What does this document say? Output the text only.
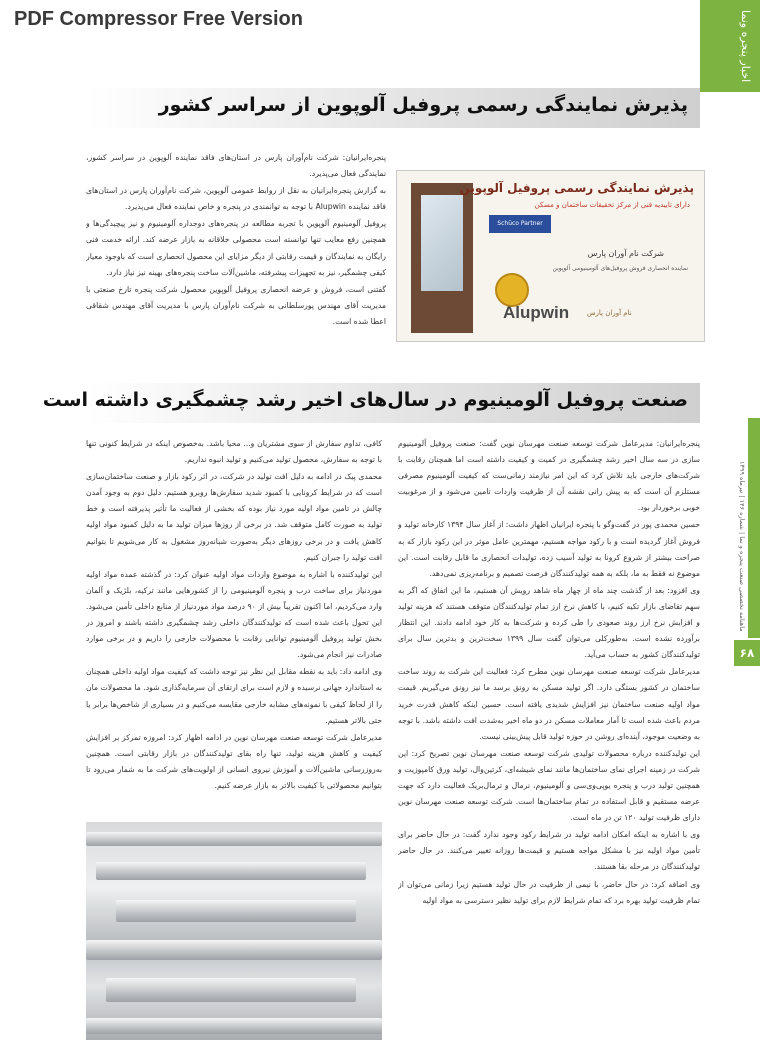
PDF Compressor Free Version	اخبار پنجره ونما
پذیرش نمایندگی رسمی پروفیل آلوپوین از سراسر کشور

پنجره‌ایرانیان: شرکت نام‌آوران پارس در استان‌های فاقد نماینده آلوپوین در سراسر کشور، نمایندگی فعال می‌پذیرد.

به گزارش پنجره‌ایرانیان به نقل از روابط عمومی آلوپوین، شرکت نام‌آوران پارس در استان‌های فاقد نماینده Alupwin با توجه به توانمندی در پنجره و خاص نماینده فعال می‌پذیرد.

پروفیل آلومینیوم آلوپوین با تجربه مطالعه در پنجره‌های دوجداره آلومینیوم و نیز پیچیدگی‌ها و همچنین رفع معایب تنها توانسته است محصولی خلاقانه به بازار عرضه کند. ارائه خدمت فنی رایگان به نمایندگان و قیمت رقابتی از دیگر مزایای این محصول انحصاری است که باوجود معیار کیفی چشمگیر، نیز به تجهیزات پیشرفته، ماشین‌آلات ساخت پنجره‌های بهینه نیز نیاز دارد.

گفتنی است، فروش و عرضه انحصاری پروفیل آلوپوین محصول شرکت پنجره تارخ صنعتی با مدیریت آقای مهندس پورسلطانی به شرکت نام‌آوران پارس با مدیریت آقای مهندس شقاقی اعطا شده است.

پذیرش نمایندگی رسمی پروفیل آلوپوین
دارای تاییدیه فنی از مرکز تحقیقات ساختمان و مسکن
Schüco Partner
شرکت نام آوران پارس
نماینده انحصاری فروش پروفیل‌های آلومینیومی آلوپوین
Alupwin	نام آوران پارس
صنعت پروفیل آلومینیوم در سال‌های اخیر رشد چشمگیری داشته است

پنجره‌ایرانیان: مدیرعامل شرکت توسعه صنعت مهرسان نوین گفت: صنعت پروفیل آلومینیوم‌ سازی در سه سال اخیر رشد چشمگیری در کمیت و کیفیت داشته است اما همچنان رقابت با شرکت‌های خارجی باید تلاش کرد که این امر نیازمند زمانی‌ست که کیفیت آلومینیوم مصرفی مستلزم آن است که به پیش‌ رانی نقشه آن از ظرفیت واردات تامین می‌شود و از مرغوبیت خوبی برخوردار بود.

حسین محمدی‌ پور در گفت‌وگو با پنجره ایرانیان اظهار داشت: از آغاز سال ۱۳۹۴ کارخانه تولید و فروش آغاز گردیده است و با رکود مواجه هستیم، مهمترین عامل موثر در این رکود بازار که به‌ صراحت بیشتر از شروع کرونا به تولید آسیب زده، تولیدات انحصاری ما قابل رقابت است. این موضوع نه‌ فقط به ما، بلکه به همه تولیدکنندگان فرصت تصمیم و برنامه‌ریزی نمی‌دهد.

وی افزود: بعد از گذشت چند ماه از چهار ماه شاهد رویش آن هستیم، ما این اتفاق که اگر به سهم تقاضای بازار تکیه کنیم، با کاهش نرخ ارز تمام تولیدکنندگان متوقف هستند که هزینه تولید و افزایش نرخ ارز روند صعودی را طی کرده و شرکت‌ها به کار خود ادامه دادند. این انتظار برآورده نشده است. به‌طورکلی می‌توان گفت سال ۱۳۹۹ سخت‌ترین و بدترین سال برای تولیدکنندگان کشور به حساب می‌آید.

مدیرعامل شرکت توسعه صنعت مهرسان نوین مطرح کرد: فعالیت این شرکت به روند ساخت ساختمان در کشور بستگی دارد. اگر تولید مسکن به رونق برسد ما نیز رونق می‌گیریم. قیمت مواد اولیه صنعت ساختمان نیز افزایش شدیدی یافته است. حسین اینکه کاهش قدرت خرید مردم باعث شده است تا آمار معاملات مسکن در دو ماه اخیر به‌شدت افت داشته باشد. با توجه به وضعیت موجود، آینده‌ای روشن در حوزه تولید قابل پیش‌بینی نیست.

این تولیدکننده درباره محصولات تولیدی شرکت توسعه صنعت مهرسان نوین تصریح کرد: این شرکت در زمینه اجرای نمای ساختمان‌ها مانند نمای شیشه‌ای، کرتین‌وال، تولید ورق کامپوزیت و همچنین تولید درب و پنجره یوپی‌وی‌سی و آلومینیوم، نرمال و ترمال‌بریک فعالیت دارد که جهت عرضه مستقیم و قابل استفاده در تمام ساختمان‌ها است. شرکت توسعه صنعت مهرسان نوین دارای ظرفیت تولید ۱۲۰ تن در ماه است.

وی با اشاره به اینکه امکان ادامه تولید در شرایط رکود وجود ندارد گفت: در حال حاضر برای تأمین مواد اولیه نیز با مشکل مواجه هستیم و قیمت‌ها روزانه تغییر می‌کنند. در حال حاضر تولیدکنندگان در مرحله بقا هستند.

وی اضافه کرد: در حال حاضر، با نیمی از ظرفیت در حال تولید هستیم زیرا زمانی می‌توان از تمام ظرفیت تولید بهره برد که تمام شرایط لازم برای تولید نظیر دسترسی به مواد اولیه

کافی، تداوم سفارش از سوی مشتریان و... محیا باشد. به‌خصوص اینکه در شرایط کنونی تنها با توجه به سفارش، محصول تولید می‌کنیم و تولید انبوه نداریم.

محمدی‌ پیک در ادامه به دلیل افت تولید در شرکت، در اثر رکود بازار و صنعت ساختمان‌سازی است که در شرایط کرونایی با کمبود شدید سفارش‌ها روبرو هستیم. دلیل دوم به وجود آمدن چالش در تامین مواد اولیه مورد نیاز بوده که بخشی از فعالیت ما تأثیر پذیرفته است و خط تولید به‌ صورت کامل متوقف شد. در برخی از روزها میزان تولید ما به دلیل کمبود مواد اولیه کاهش یافت و در برخی روزهای دیگر به‌صورت شبانه‌روز مشغول به کار می‌شویم تا بتوانیم افت تولید را جبران کنیم.

این تولیدکننده با اشاره به موضوع واردات مواد اولیه عنوان کرد: در گذشته عمده مواد اولیه موردنیاز برای ساخت درب و پنجره آلومینیومی را از کشورهایی مانند ترکیه، بلژیک و آلمان وارد می‌کردیم، اما اکنون تقریباً بیش از ۹۰ درصد مواد موردنیاز از منابع داخلی تأمین می‌شود. این تحول باعث شده است که تولیدکنندگان داخلی رشد چشمگیری داشته باشند و امروز در بخش تولید پروفیل آلومینیوم توانایی رقابت با محصولات خارجی را داریم و در برخی موارد صادرات نیز انجام می‌شود.

وی ادامه داد: باید به نقطه مقابل این نظر نیز توجه داشت که کیفیت مواد اولیه داخلی همچنان به استاندارد جهانی نرسیده و لازم است برای ارتقای آن سرمایه‌گذاری شود. ما محصولات مان را از لحاظ کیفی با نمونه‌های مشابه خارجی مقایسه می‌کنیم و در بسیاری از شاخص‌ها برابر یا حتی بالاتر هستیم.

مدیرعامل شرکت توسعه صنعت مهرسان نوین در ادامه اظهار کرد: امروزه تمرکز بر افزایش کیفیت و کاهش هزینه تولید، تنها راه بقای تولیدکنندگان در بازار رقابتی است. همچنین به‌روزرسانی ماشین‌آلات و آموزش نیروی انسانی از اولویت‌های شرکت ما به شمار می‌رود تا بتوانیم محصولاتی با کیفیت بالاتر به بازار عرضه کنیم.

ماهنامه تخصصی صنعت پنجره و نما | شماره ۱۴۶ | تیرماه ۱۳۹۹
۶۸
